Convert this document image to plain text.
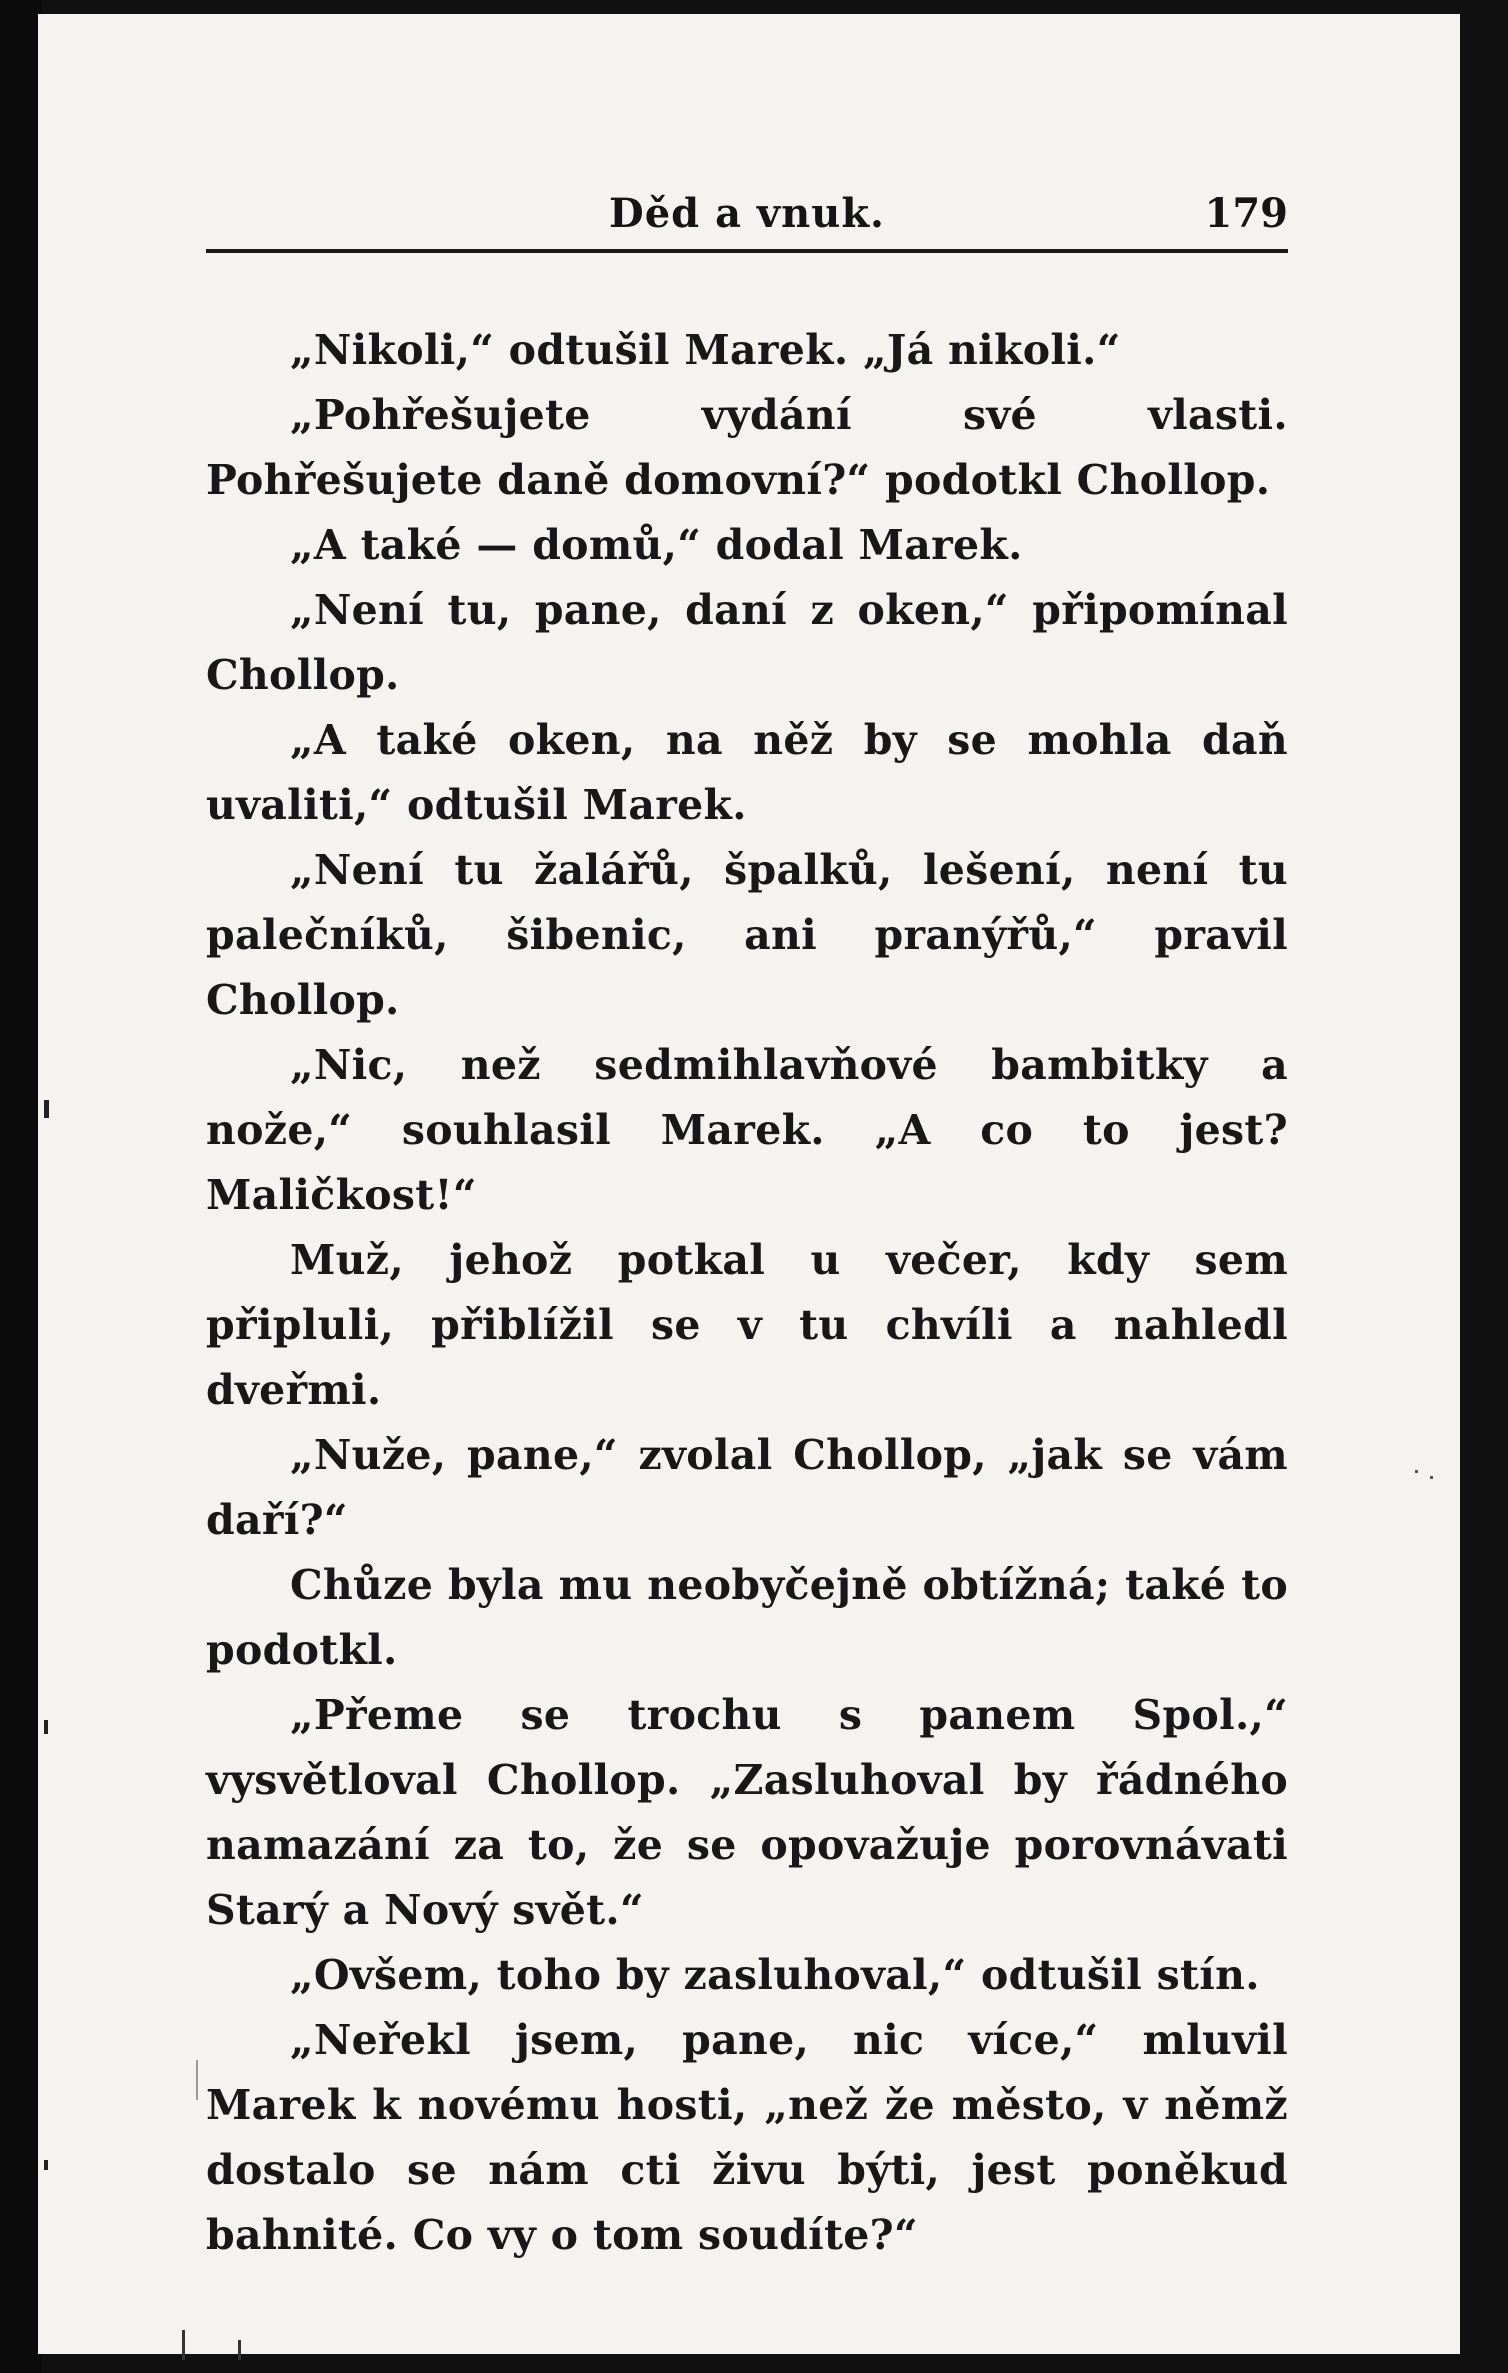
Děd a vnuk.	179

„Nikoli,“ odtušil Marek. „Já nikoli.“

„Pohřešujete vydání své vlasti. Pohřešujete daně domovní?“ podotkl Chollop.

„A také — domů,“ dodal Marek.

„Není tu, pane, daní z oken,“ připomínal Chollop.

„A také oken, na něž by se mohla daň uvaliti,“ odtušil Marek.

„Není tu žalářů, špalků, lešení, není tu palečníků, šibenic, ani pranýřů,“ pravil Chollop.

„Nic, než sedmihlavňové bambitky a nože,“ souhlasil Marek. „A co to jest? Maličkost!“

Muž, jehož potkal u večer, kdy sem připluli, přiblížil se v tu chvíli a nahledl dveřmi.

„Nuže, pane,“ zvolal Chollop, „jak se vám daří?“

Chůze byla mu neobyčejně obtížná; také to podotkl.

„Přeme se trochu s panem Spol.,“ vysvětloval Chollop. „Zasluhoval by řádného namazání za to, že se opovažuje porovnávati Starý a Nový svět.“

„Ovšem, toho by zasluhoval,“ odtušil stín.

„Neřekl jsem, pane, nic více,“ mluvil Marek k novému hosti, „než že město, v němž dostalo se nám cti živu býti, jest poněkud bahnité. Co vy o tom soudíte?“
